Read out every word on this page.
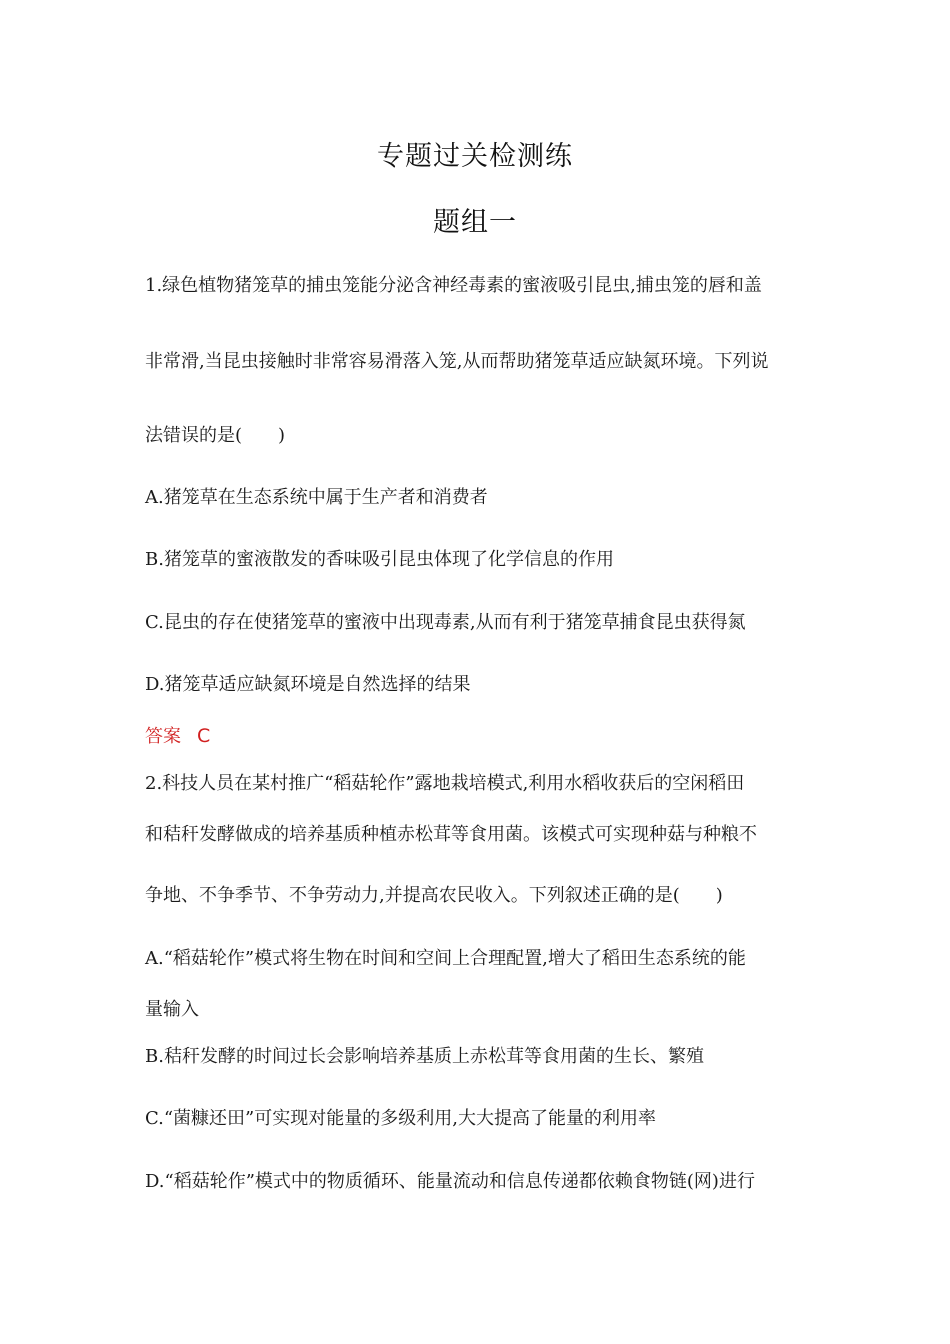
专题过关检测练
题组一
1.绿色植物猪笼草的捕虫笼能分泌含神经毒素的蜜液吸引昆虫,捕虫笼的唇和盖
非常滑,当昆虫接触时非常容易滑落入笼,从而帮助猪笼草适应缺氮环境。下列说
法错误的是(　　)
A.猪笼草在生态系统中属于生产者和消费者
B.猪笼草的蜜液散发的香味吸引昆虫体现了化学信息的作用
C.昆虫的存在使猪笼草的蜜液中出现毒素,从而有利于猪笼草捕食昆虫获得氮
D.猪笼草适应缺氮环境是自然选择的结果
答案 C
2.科技人员在某村推广“稻菇轮作”露地栽培模式,利用水稻收获后的空闲稻田
和秸秆发酵做成的培养基质种植赤松茸等食用菌。该模式可实现种菇与种粮不
争地、不争季节、不争劳动力,并提高农民收入。下列叙述正确的是(　　)
A.“稻菇轮作”模式将生物在时间和空间上合理配置,增大了稻田生态系统的能
量输入
B.秸秆发酵的时间过长会影响培养基质上赤松茸等食用菌的生长、繁殖
C.“菌糠还田”可实现对能量的多级利用,大大提高了能量的利用率
D.“稻菇轮作”模式中的物质循环、能量流动和信息传递都依赖食物链(网)进行
